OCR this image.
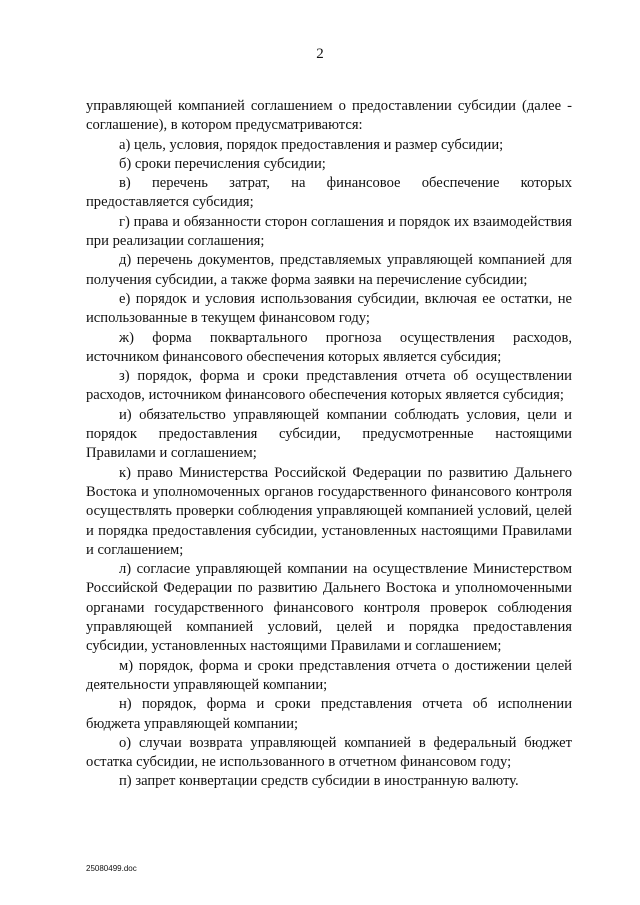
2

управляющей компанией соглашением о предоставлении субсидии (далее - соглашение), в котором предусматриваются:

а) цель, условия, порядок предоставления и размер субсидии;

б) сроки перечисления субсидии;

в) перечень затрат, на финансовое обеспечение которых предоставляется субсидия;

г) права и обязанности сторон соглашения и порядок их взаимодействия при реализации соглашения;

д) перечень документов, представляемых управляющей компанией для получения субсидии, а также форма заявки на перечисление субсидии;

е) порядок и условия использования субсидии, включая ее остатки, не использованные в текущем финансовом году;

ж) форма поквартального прогноза осуществления расходов, источником финансового обеспечения которых является субсидия;

з) порядок, форма и сроки представления отчета об осуществлении расходов, источником финансового обеспечения которых является субсидия;

и) обязательство управляющей компании соблюдать условия, цели и порядок предоставления субсидии, предусмотренные настоящими Правилами и соглашением;

к) право Министерства Российской Федерации по развитию Дальнего Востока и уполномоченных органов государственного финансового контроля осуществлять проверки соблюдения управляющей компанией условий, целей и порядка предоставления субсидии, установленных настоящими Правилами и соглашением;

л) согласие управляющей компании на осуществление Министерством Российской Федерации по развитию Дальнего Востока и уполномоченными органами государственного финансового контроля проверок соблюдения управляющей компанией условий, целей и порядка предоставления субсидии, установленных настоящими Правилами и соглашением;

м) порядок, форма и сроки представления отчета о достижении целей деятельности управляющей компании;

н) порядок, форма и сроки представления отчета об исполнении бюджета управляющей компании;

о) случаи возврата управляющей компанией в федеральный бюджет остатка субсидии, не использованного в отчетном финансовом году;

п) запрет конвертации средств субсидии в иностранную валюту.

25080499.doc
